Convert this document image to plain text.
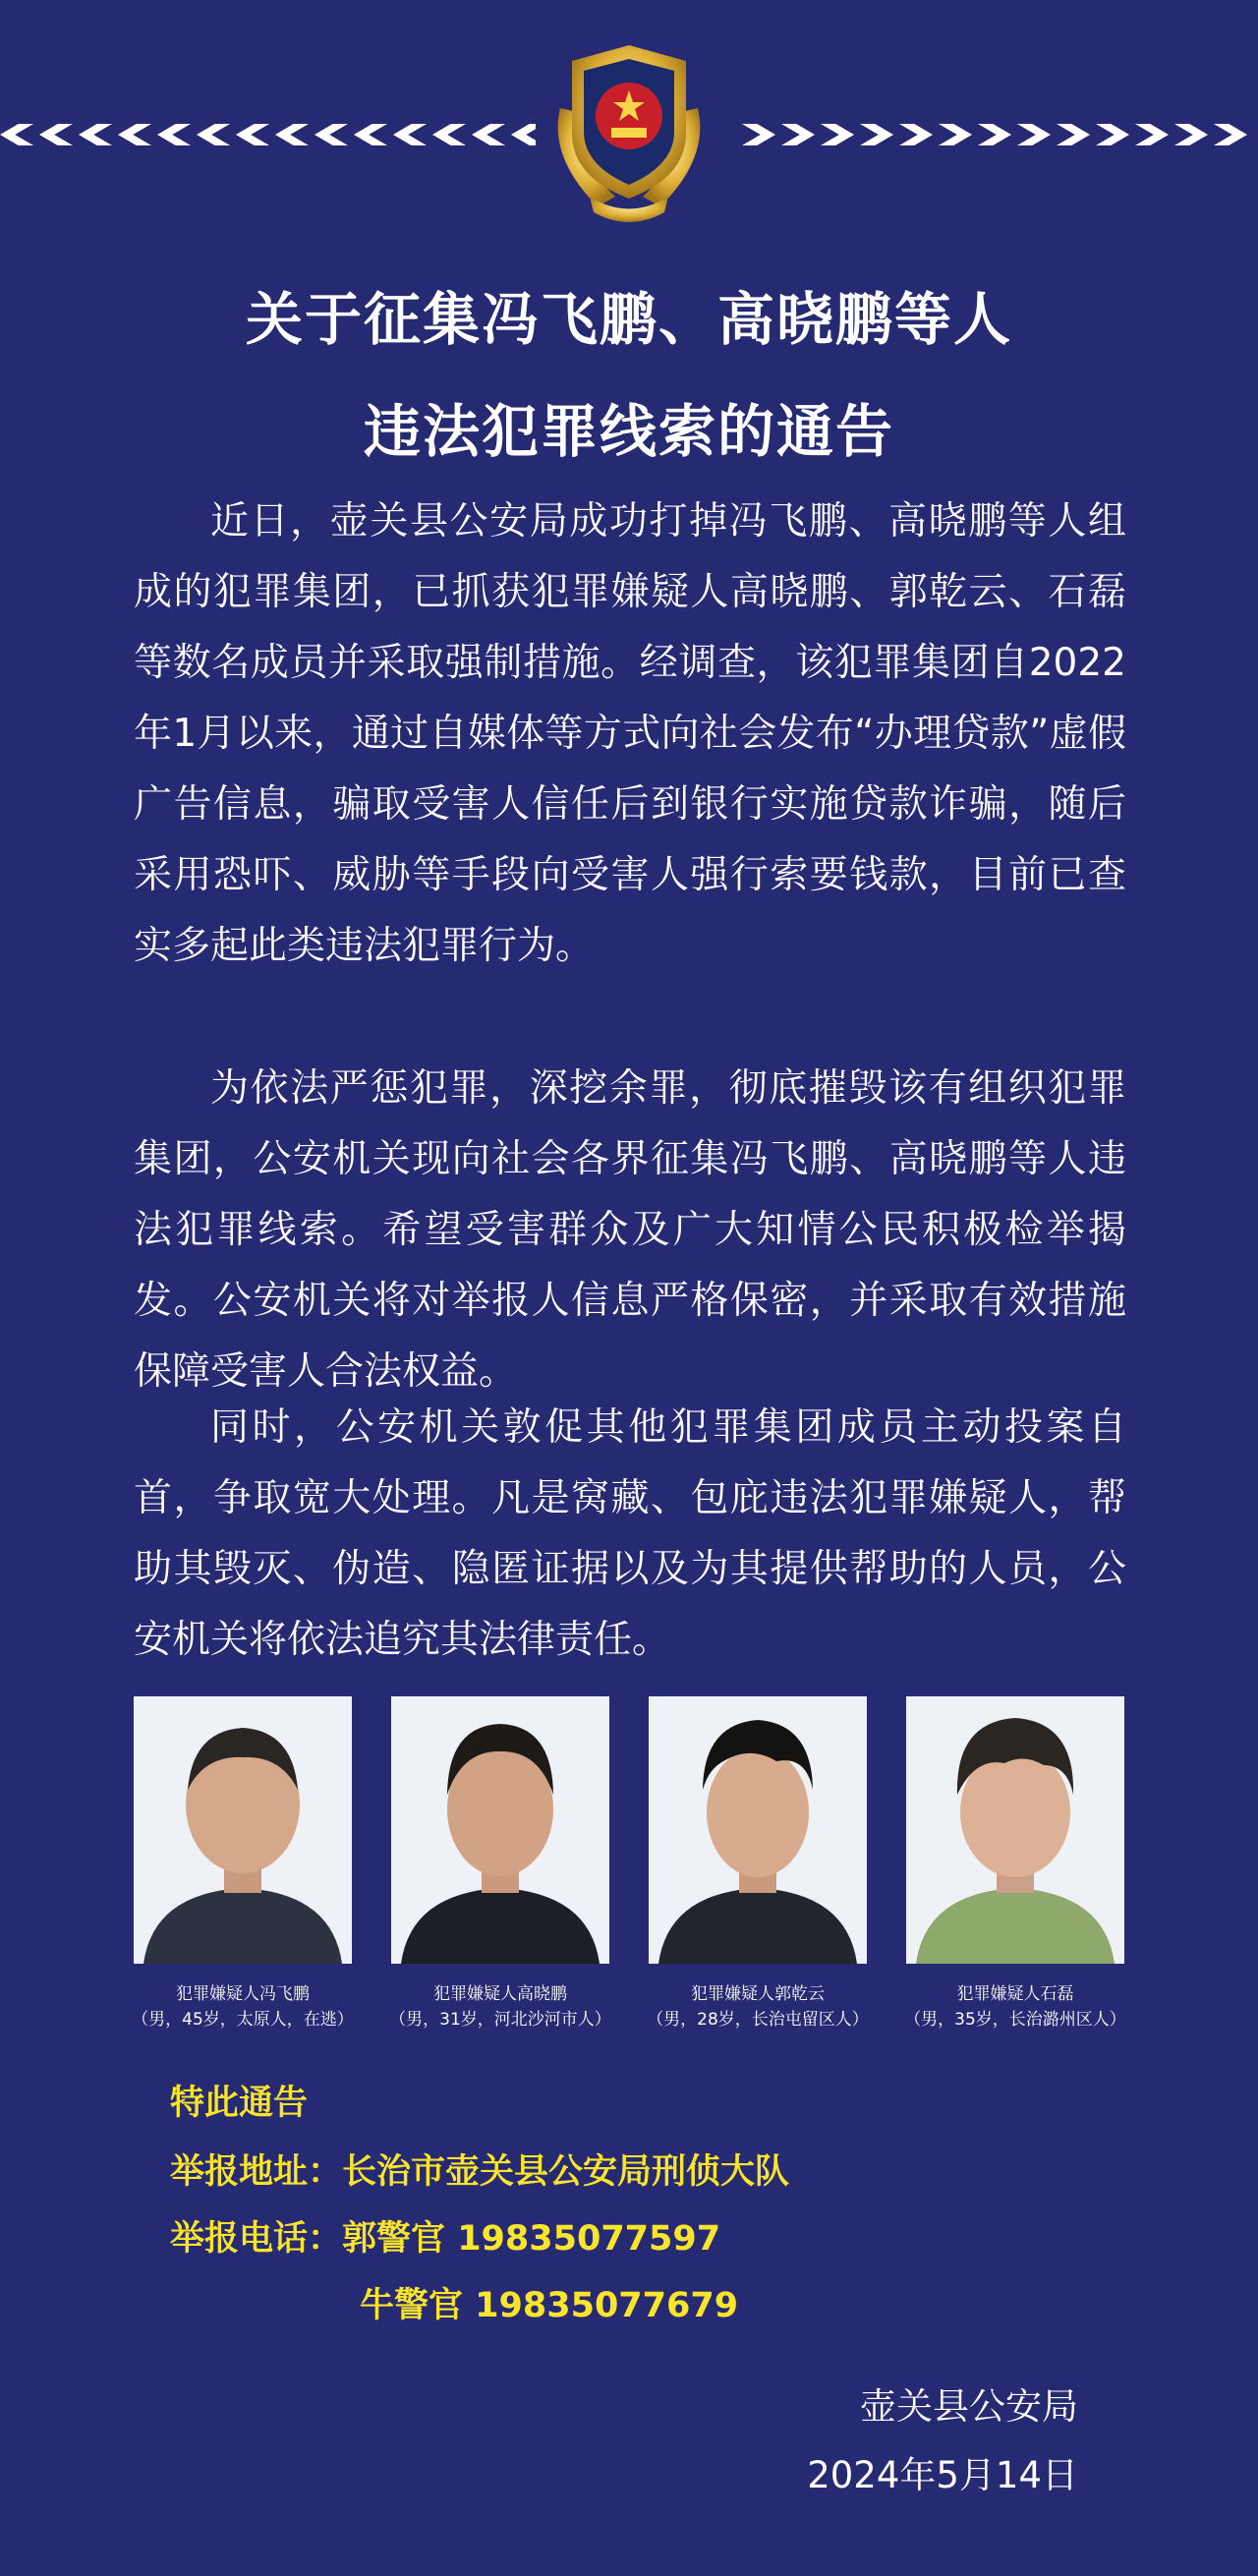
关于征集冯飞鹏、高晓鹏等人
违法犯罪线索的通告

近日，壶关县公安局成功打掉冯飞鹏、高晓鹏等人组成的犯罪集团，已抓获犯罪嫌疑人高晓鹏、郭乾云、石磊等数名成员并采取强制措施。经调查，该犯罪集团自2022年1月以来，通过自媒体等方式向社会发布“办理贷款”虚假广告信息，骗取受害人信任后到银行实施贷款诈骗，随后采用恐吓、威胁等手段向受害人强行索要钱款，目前已查实多起此类违法犯罪行为。

为依法严惩犯罪，深挖余罪，彻底摧毁该有组织犯罪集团，公安机关现向社会各界征集冯飞鹏、高晓鹏等人违法犯罪线索。希望受害群众及广大知情公民积极检举揭发。公安机关将对举报人信息严格保密，并采取有效措施保障受害人合法权益。

同时，公安机关敦促其他犯罪集团成员主动投案自首，争取宽大处理。凡是窝藏、包庇违法犯罪嫌疑人，帮助其毁灭、伪造、隐匿证据以及为其提供帮助的人员，公安机关将依法追究其法律责任。

犯罪嫌疑人冯飞鹏
（男，45岁，太原人，在逃）
犯罪嫌疑人高晓鹏
（男，31岁，河北沙河市人）
犯罪嫌疑人郭乾云
（男，28岁，长治屯留区人）
犯罪嫌疑人石磊
（男，35岁，长治潞州区人）
特此通告
举报地址：长治市壶关县公安局刑侦大队
举报电话：郭警官 19835077597
牛警官 19835077679
壶关县公安局
2024年5月14日
